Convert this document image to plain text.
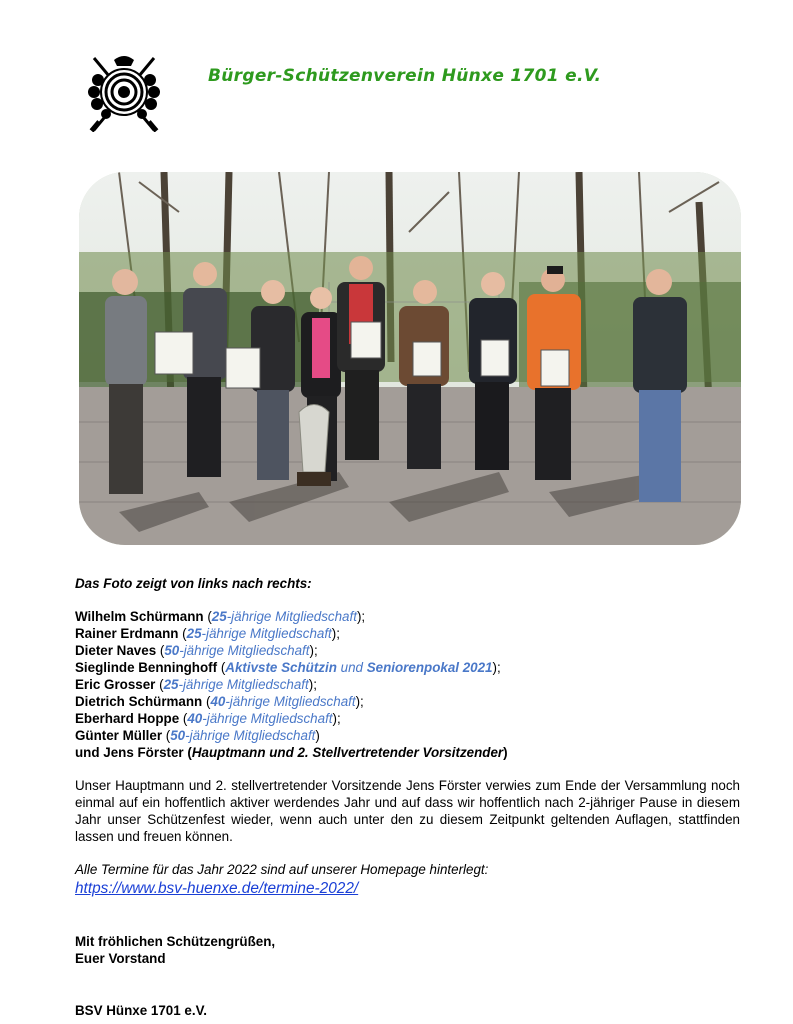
Bürger-Schützenverein Hünxe 1701 e.V.

Das Foto zeigt von links nach rechts:

Wilhelm Schürmann (25-jährige Mitgliedschaft);
Rainer Erdmann (25-jährige Mitgliedschaft);
Dieter Naves (50-jährige Mitgliedschaft);
Sieglinde Benninghoff (Aktivste Schützin und Seniorenpokal 2021);
Eric Grosser (25-jährige Mitgliedschaft);
Dietrich Schürmann (40-jährige Mitgliedschaft);
Eberhard Hoppe (40-jährige Mitgliedschaft);
Günter Müller (50-jährige Mitgliedschaft)
und Jens Förster (Hauptmann und 2. Stellvertretender Vorsitzender)

Unser Hauptmann und 2. stellvertretender Vorsitzende Jens Förster verwies zum Ende der Versammlung noch einmal auf ein hoffentlich aktiver werdendes Jahr und auf dass wir hoffentlich nach 2-jähriger Pause in diesem Jahr unser Schützenfest wieder, wenn auch unter den zu diesem Zeitpunkt geltenden Auflagen, stattfinden lassen und freuen können.

Alle Termine für das Jahr 2022 sind auf unserer Homepage hinterlegt:
https://www.bsv-huenxe.de/termine-2022/

Mit fröhlichen Schützengrüßen,
Euer Vorstand

BSV Hünxe 1701 e.V.
